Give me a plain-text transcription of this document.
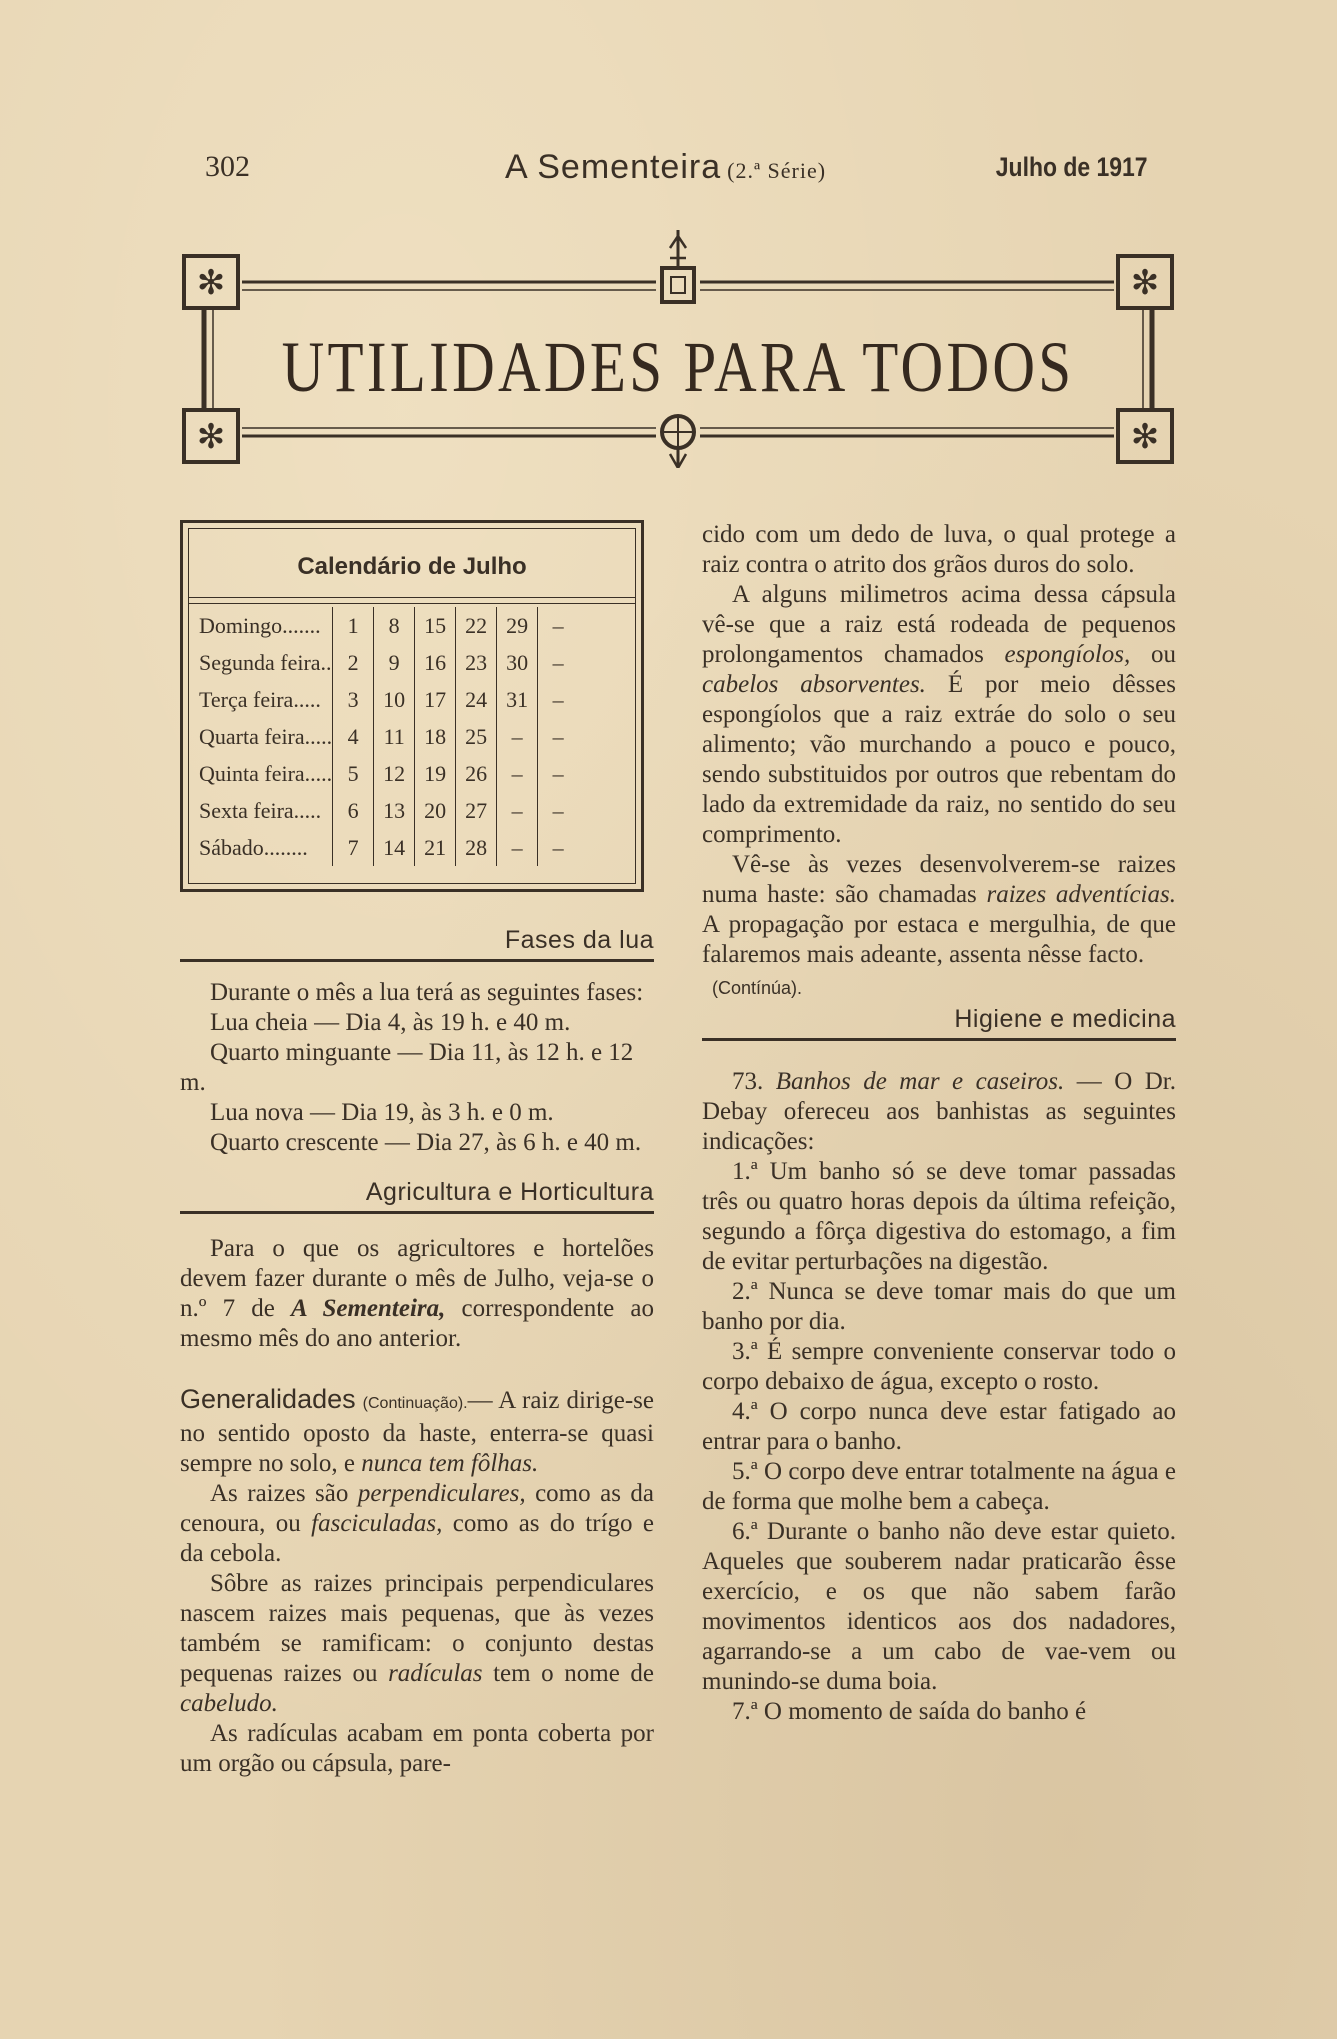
302	A Sementeira (2.ª Série)	Julho de 1917
✻	✻
✻	✻
UTILIDADES PARA TODOS
Calendário de Julho
Domingo.......	1	8	15	22	29	–
Segunda feira..	2	9	16	23	30	–
Terça feira.....	3	10	17	24	31	–
Quarta feira.....	4	11	18	25	–	–
Quinta feira.....	5	12	19	26	–	–
Sexta feira.....	6	13	20	27	–	–
Sábado........	7	14	21	28	–	–
Fases da lua

Durante o mês a lua terá as seguintes fases:

Lua cheia — Dia 4, às 19 h. e 40 m.

Quarto minguante — Dia 11, às 12 h. e 12 m.

Lua nova — Dia 19, às 3 h. e 0 m.

Quarto crescente — Dia 27, às 6 h. e 40 m.

Agricultura e Horticultura

Para o que os agricultores e hortelões devem fazer durante o mês de Julho, veja-se o n.º 7 de A Sementeira, correspondente ao mesmo mês do ano anterior.

Generalidades (Continuação).— A raiz dirige-se no sentido oposto da haste, enterra-se quasi sempre no solo, e nunca tem fôlhas.

As raizes são perpendiculares, como as da cenoura, ou fasciculadas, como as do trígo e da cebola.

Sôbre as raizes principais perpendiculares nascem raizes mais pequenas, que às vezes também se ramificam: o conjunto destas pequenas raizes ou radículas tem o nome de cabeludo.

As radículas acabam em ponta coberta por um orgão ou cápsula, pare-

cido com um dedo de luva, o qual protege a raiz contra o atrito dos grãos duros do solo.

A alguns milimetros acima dessa cápsula vê-se que a raiz está rodeada de pequenos prolongamentos chamados espongíolos, ou cabelos absorventes. É por meio dêsses espongíolos que a raiz extráe do solo o seu alimento; vão murchando a pouco e pouco, sendo substituidos por outros que rebentam do lado da extremidade da raiz, no sentido do seu comprimento.

Vê-se às vezes desenvolverem-se raizes numa haste: são chamadas raizes adventícias. A propagação por estaca e mergulhia, de que falaremos mais adeante, assenta nêsse facto.

(Contínúa).
Higiene e medicina

73. Banhos de mar e caseiros. — O Dr. Debay ofereceu aos banhistas as seguintes indicações:

1.ª Um banho só se deve tomar passadas três ou quatro horas depois da última refeição, segundo a fôrça digestiva do estomago, a fim de evitar perturbações na digestão.

2.ª Nunca se deve tomar mais do que um banho por dia.

3.ª É sempre conveniente conservar todo o corpo debaixo de água, excepto o rosto.

4.ª O corpo nunca deve estar fatigado ao entrar para o banho.

5.ª O corpo deve entrar totalmente na água e de forma que molhe bem a cabeça.

6.ª Durante o banho não deve estar quieto. Aqueles que souberem nadar praticarão êsse exercício, e os que não sabem farão movimentos identicos aos dos nadadores, agarrando-se a um cabo de vae-vem ou munindo-se duma boia.

7.ª O momento de saída do banho é
